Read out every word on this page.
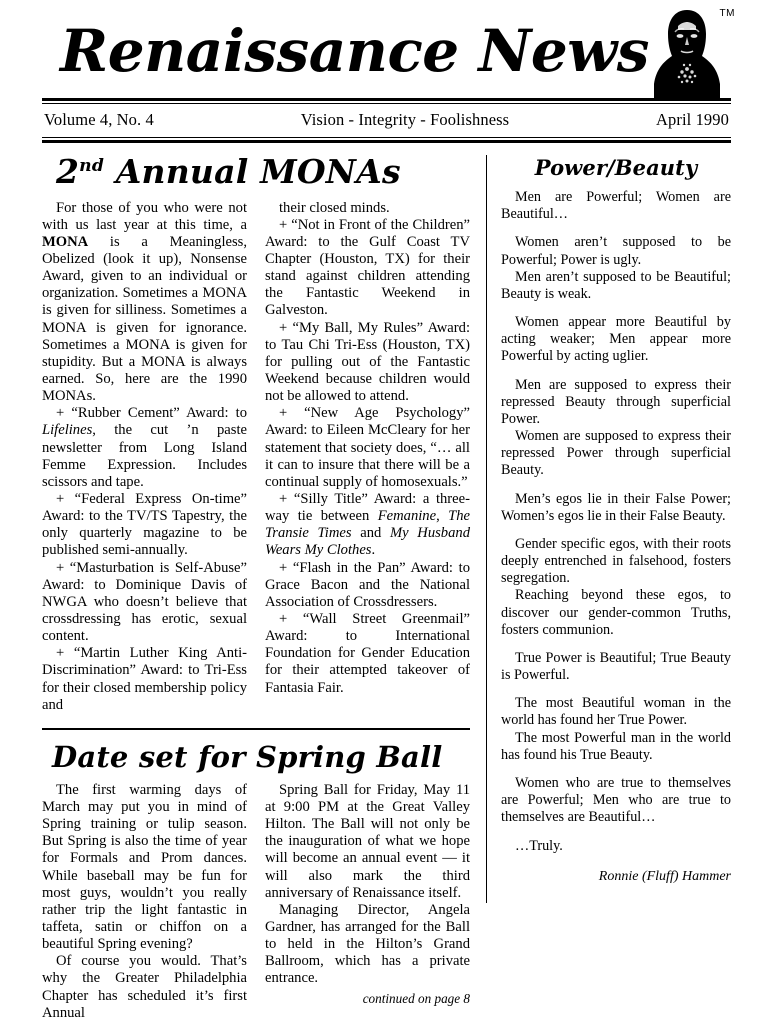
Renaissance News
TM
Volume 4, No. 4	Vision - Integrity - Foolishness	April 1990
2nd Annual MONAs

For those of you who were not with us last year at this time, a MONA is a Meaningless, Obelized (look it up), Nonsense Award, given to an individual or organization. Sometimes a MONA is given for silliness. Sometimes a MONA is given for ignorance. Sometimes a MONA is given for stupidity. But a MONA is always earned. So, here are the 1990 MONAs.

+ “Rubber Cement” Award: to Lifelines, the cut ’n paste newsletter from Long Island Femme Expression. Includes scissors and tape.

+ “Federal Express On-time” Award: to the TV/TS Tapestry, the only quarterly magazine to be published semi-annually.

+ “Masturbation is Self-Abuse” Award: to Dominique Davis of NWGA who doesn’t believe that crossdressing has erotic, sexual content.

+ “Martin Luther King Anti-Discrimination” Award: to Tri-Ess for their closed membership policy and

their closed minds.

+ “Not in Front of the Children” Award: to the Gulf Coast TV Chapter (Houston, TX) for their stand against children attending the Fantastic Weekend in Galveston.

+ “My Ball, My Rules” Award: to Tau Chi Tri-Ess (Houston, TX) for pulling out of the Fantastic Weekend because children would not be allowed to attend.

+ “New Age Psychology” Award: to Eileen McCleary for her statement that society does, “… all it can to insure that there will be a continual supply of homosexuals.”

+ “Silly Title” Award: a three-way tie between Femanine, The Transie Times and My Husband Wears My Clothes.

+ “Flash in the Pan” Award: to Grace Bacon and the National Association of Crossdressers.

+ “Wall Street Greenmail” Award: to International Foundation for Gender Education for their attempted takeover of Fantasia Fair.

Date set for Spring Ball

The first warming days of March may put you in mind of Spring training or tulip season. But Spring is also the time of year for Formals and Prom dances. While baseball may be fun for most guys, wouldn’t you really rather trip the light fantastic in taffeta, satin or chiffon on a beautiful Spring evening?

Of course you would. That’s why the Greater Philadelphia Chapter has scheduled it’s first Annual

Spring Ball for Friday, May 11 at 9:00 PM at the Great Valley Hilton. The Ball will not only be the inauguration of what we hope will become an annual event — it will also mark the third anniversary of Renaissance itself.

Managing Director, Angela Gardner, has arranged for the Ball to held in the Hilton’s Grand Ballroom, which has a private entrance.

continued on page 8
Power/Beauty

Men are Powerful; Women are Beautiful…

Women aren’t supposed to be Powerful; Power is ugly.

Men aren’t supposed to be Beautiful; Beauty is weak.

Women appear more Beautiful by acting weaker; Men appear more Powerful by acting uglier.

Men are supposed to express their repressed Beauty through superficial Power.

Women are supposed to express their repressed Power through superficial Beauty.

Men’s egos lie in their False Power; Women’s egos lie in their False Beauty.

Gender specific egos, with their roots deeply entrenched in falsehood, fosters segregation.

Reaching beyond these egos, to discover our gender-common Truths, fosters communion.

True Power is Beautiful; True Beauty is Powerful.

The most Beautiful woman in the world has found her True Power.

The most Powerful man in the world has found his True Beauty.

Women who are true to themselves are Powerful; Men who are true to themselves are Beautiful…

…Truly.

Ronnie (Fluff) Hammer
